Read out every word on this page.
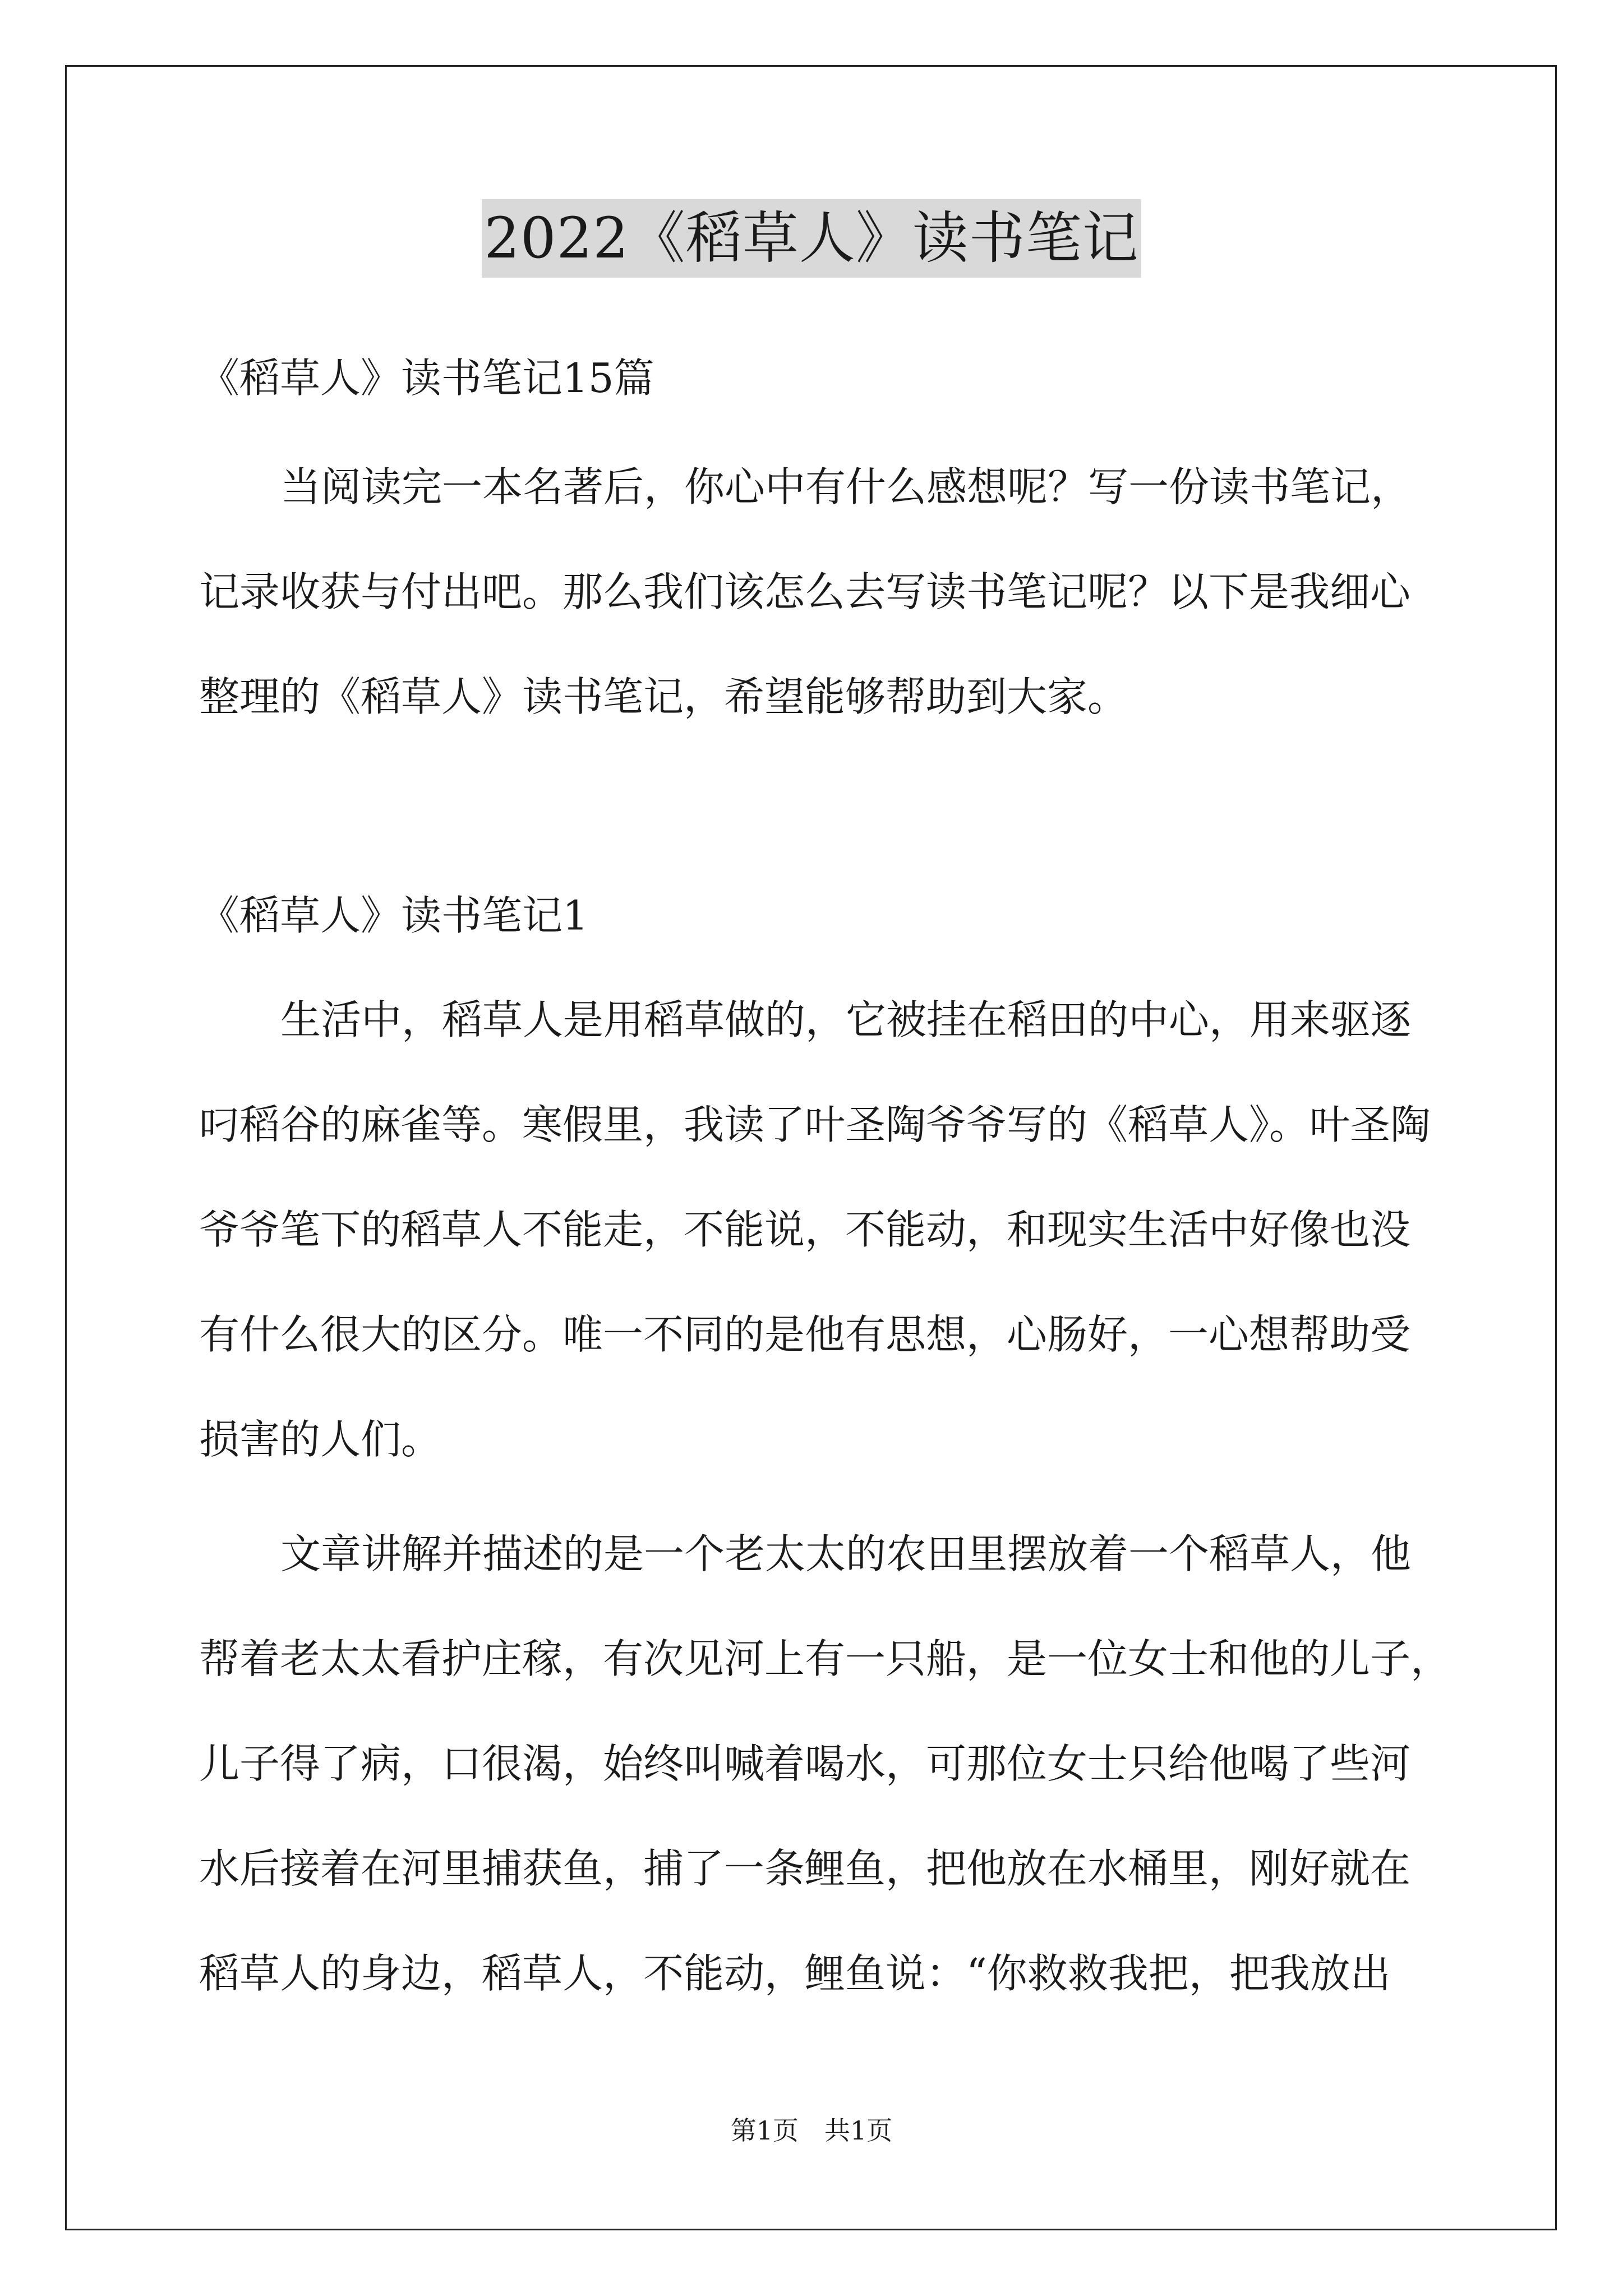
2022《稻草人》读书笔记
《稻草人》读书笔记15篇
当阅读完一本名著后，你心中有什么感想呢？写一份读书笔记，
记录收获与付出吧。那么我们该怎么去写读书笔记呢？以下是我细心
整理的《稻草人》读书笔记，希望能够帮助到大家。
《稻草人》读书笔记1
生活中，稻草人是用稻草做的，它被挂在稻田的中心，用来驱逐
叼稻谷的麻雀等。寒假里，我读了叶圣陶爷爷写的《稻草人》。叶圣陶
爷爷笔下的稻草人不能走，不能说，不能动，和现实生活中好像也没
有什么很大的区分。唯一不同的是他有思想，心肠好，一心想帮助受
损害的人们。
文章讲解并描述的是一个老太太的农田里摆放着一个稻草人，他
帮着老太太看护庄稼，有次见河上有一只船，是一位女士和他的儿子，
儿子得了病，口很渴，始终叫喊着喝水，可那位女士只给他喝了些河
水后接着在河里捕获鱼，捕了一条鲤鱼，把他放在水桶里，刚好就在
稻草人的身边，稻草人，不能动，鲤鱼说：“你救救我把，把我放出
第1页　共1页
